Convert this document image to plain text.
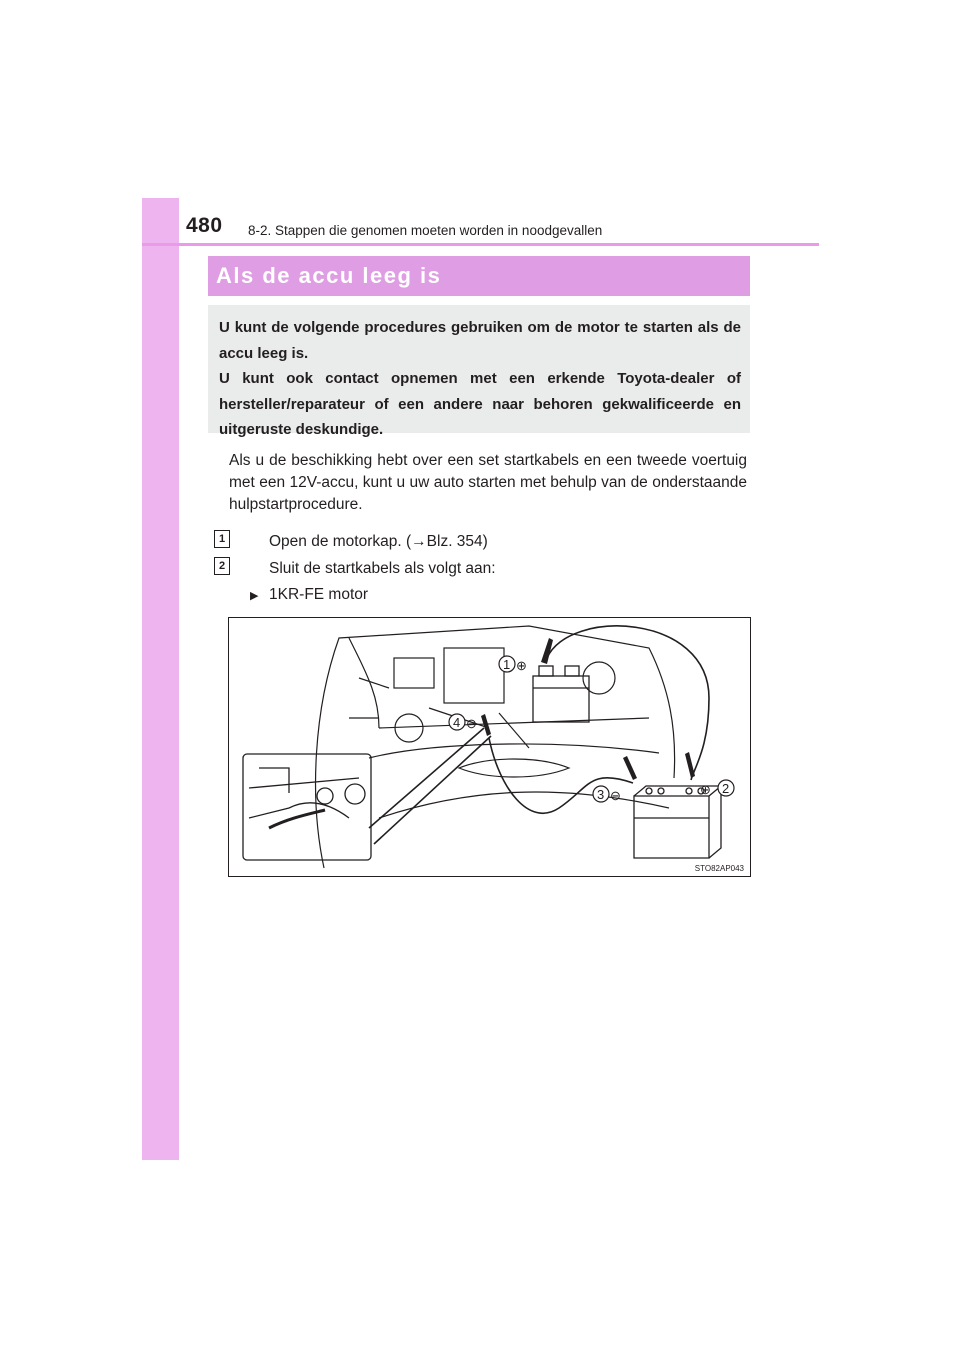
480 8-2. Stappen die genomen moeten worden in noodgevallen
Als de accu leeg is
U kunt de volgende procedures gebruiken om de motor te starten als de accu leeg is.
U kunt ook contact opnemen met een erkende Toyota-dealer of hersteller/reparateur of een andere naar behoren gekwalificeerde en uitgeruste deskundige.

Als u de beschikking hebt over een set startkabels en een tweede voertuig met een 12V-accu, kunt u uw auto starten met behulp van de onderstaande hulpstartprocedure.

1	Open de motorkap. (→Blz. 354)
2	Sluit de startkabels als volgt aan:
▶ 1KR-FE motor
1 ⊕
2
⊕
3 ⊖
4 ⊖
STO82AP043
